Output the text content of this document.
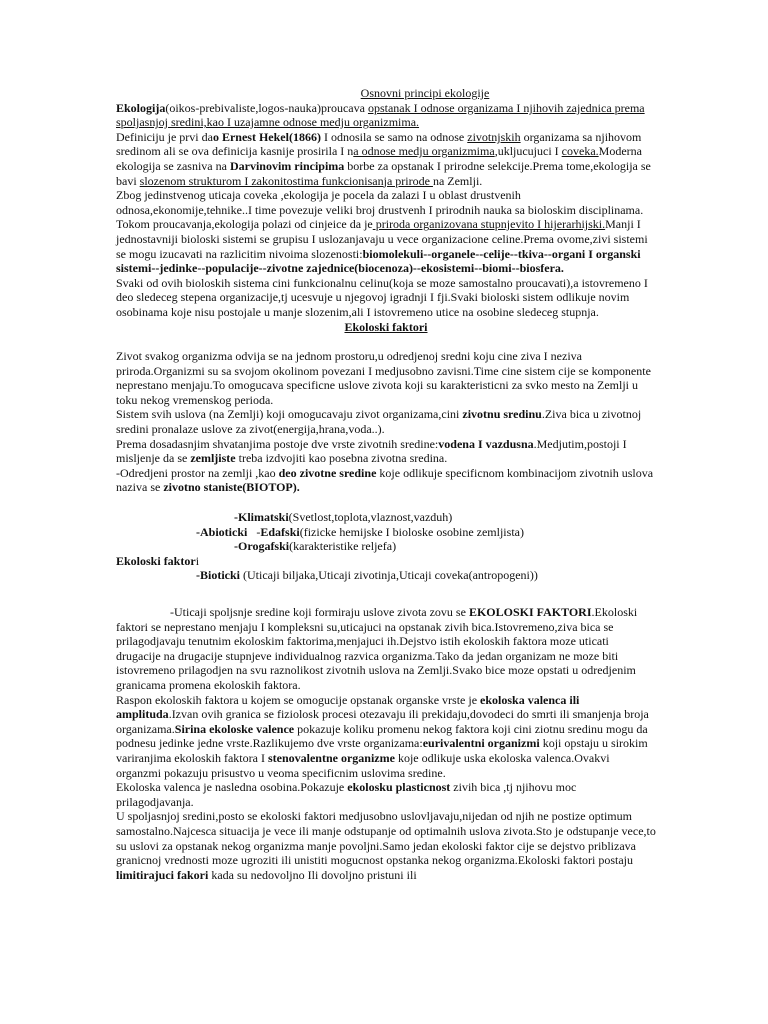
Osnovni principi ekologije

Ekologija(oikos-prebivaliste,logos-nauka)proucava opstanak I odnose organizama I njihovih zajednica prema spoljasnjoj sredini,kao I uzajamne odnose medju organizmima.

Definiciju je prvi dao Ernest Hekel(1866) I odnosila se samo na odnose zivotnjskih organizama sa njihovom sredinom ali se ova definicija kasnije prosirila I na odnose medju organizmima,ukljucujuci I coveka.Moderna ekologija se zasniva na Darvinovim rincipima borbe za opstanak I prirodne selekcije.Prema tome,ekologija se bavi slozenom strukturom I zakonitostima funkcionisanja prirode na Zemlji.

Zbog jedinstvenog uticaja coveka ,ekologija je pocela da zalazi I u oblast drustvenih odnosa,ekonomije,tehnike..I time povezuje veliki broj drustvenh I prirodnih nauka sa bioloskim disciplinama.

Tokom proucavanja,ekologija polazi od cinjeice da je priroda organizovana stupnjevito I hijerarhijski.Manji I jednostavniji bioloski sistemi se grupisu I uslozanjavaju u vece organizacione celine.Prema ovome,zivi sistemi se mogu izucavati na razlicitim nivoima slozenosti:biomolekuli--organele--celije--tkiva--organi I organski sistemi--jedinke--populacije--zivotne zajednice(biocenoza)--ekosistemi--biomi--biosfera.

Svaki od ovih bioloskih sistema cini funkcionalnu celinu(koja se moze samostalno proucavati),a istovremeno I deo sledeceg stepena organizacije,tj ucesvuje u njegovoj igradnji I fji.Svaki bioloski sistem odlikuje novim osobinama koje nisu postojale u manje slozenim,ali I istovremeno utice na osobine sledeceg stupnja.

Ekoloski faktori

Zivot svakog organizma odvija se na jednom prostoru,u odredjenoj sredni koju cine ziva I neziva priroda.Organizmi su sa svojom okolinom povezani I medjusobno zavisni.Time cine sistem cije se komponente neprestano menjaju.To omogucava specificne uslove zivota koji su karakteristicni za svko mesto na Zemlji u toku nekog vremenskog perioda.

Sistem svih uslova (na Zemlji) koji omogucavaju zivot organizama,cini zivotnu sredinu.Ziva bica u zivotnoj sredini pronalaze uslove za zivot(energija,hrana,voda..).

Prema dosadasnjim shvatanjima postoje dve vrste zivotnih sredine:vodena I vazdusna.Medjutim,postoji I misljenje da se zemljiste treba izdvojiti kao posebna zivotna sredina.

-Odredjeni prostor na zemlji ,kao deo zivotne sredine koje odlikuje specificnom kombinacijom zivotnih uslova naziva se zivotno staniste(BIOTOP).

-Klimatski(Svetlost,toplota,vlaznost,vazduh)

-Abioticki   -Edafski(fizicke hemijske I bioloske osobine zemljista)

-Orogafski(karakteristike reljefa)

Ekoloski faktori

-Bioticki (Uticaji biljaka,Uticaji zivotinja,Uticaji coveka(antropogeni))

-Uticaji spoljsnje sredine koji formiraju uslove zivota zovu se EKOLOSKI FAKTORI.Ekoloski faktori se neprestano menjaju I kompleksni su,uticajuci na opstanak zivih bica.Istovremeno,ziva bica se prilagodjavaju tenutnim ekoloskim faktorima,menjajuci ih.Dejstvo istih ekoloskih faktora moze uticati drugacije na drugacije stupnjeve individualnog razvica organizma.Tako da jedan organizam ne moze biti istovremeno prilagodjen na svu raznolikost zivotnih uslova na Zemlji.Svako bice moze opstati u odredjenim granicama promena ekoloskih faktora.

Raspon ekoloskih faktora u kojem se omogucije opstanak organske vrste je ekoloska valenca ili amplituda.Izvan ovih granica se fiziolosk procesi otezavaju ili prekidaju,dovodeci do smrti ili smanjenja broja organizama.Sirina ekoloske valence pokazuje koliku promenu nekog faktora koji cini ziotnu sredinu mogu da podnesu jedinke jedne vrste.Razlikujemo dve vrste organizama:eurivalentni organizmi koji opstaju u sirokim variranjima ekoloskih faktora I stenovalentne organizme koje odlikuje uska ekoloska valenca.Ovakvi organzmi pokazuju prisustvo u veoma specificnim uslovima sredine.

Ekoloska valenca je nasledna osobina.Pokazuje ekolosku plasticnost zivih bica ,tj njihovu moc prilagodjavanja.

U spoljasnjoj sredini,posto se ekoloski faktori medjusobno uslovljavaju,nijedan od njih ne postize optimum samostalno.Najcesca situacija je vece ili manje odstupanje od optimalnih uslova zivota.Sto je odstupanje vece,to su uslovi za opstanak nekog organizma manje povoljni.Samo jedan ekoloski faktor cije se dejstvo priblizava granicnoj vrednosti moze ugroziti ili unistiti mogucnost opstanka nekog organizma.Ekoloski faktori postaju limitirajuci fakori kada su nedovoljno Ili dovoljno pristuni ili
